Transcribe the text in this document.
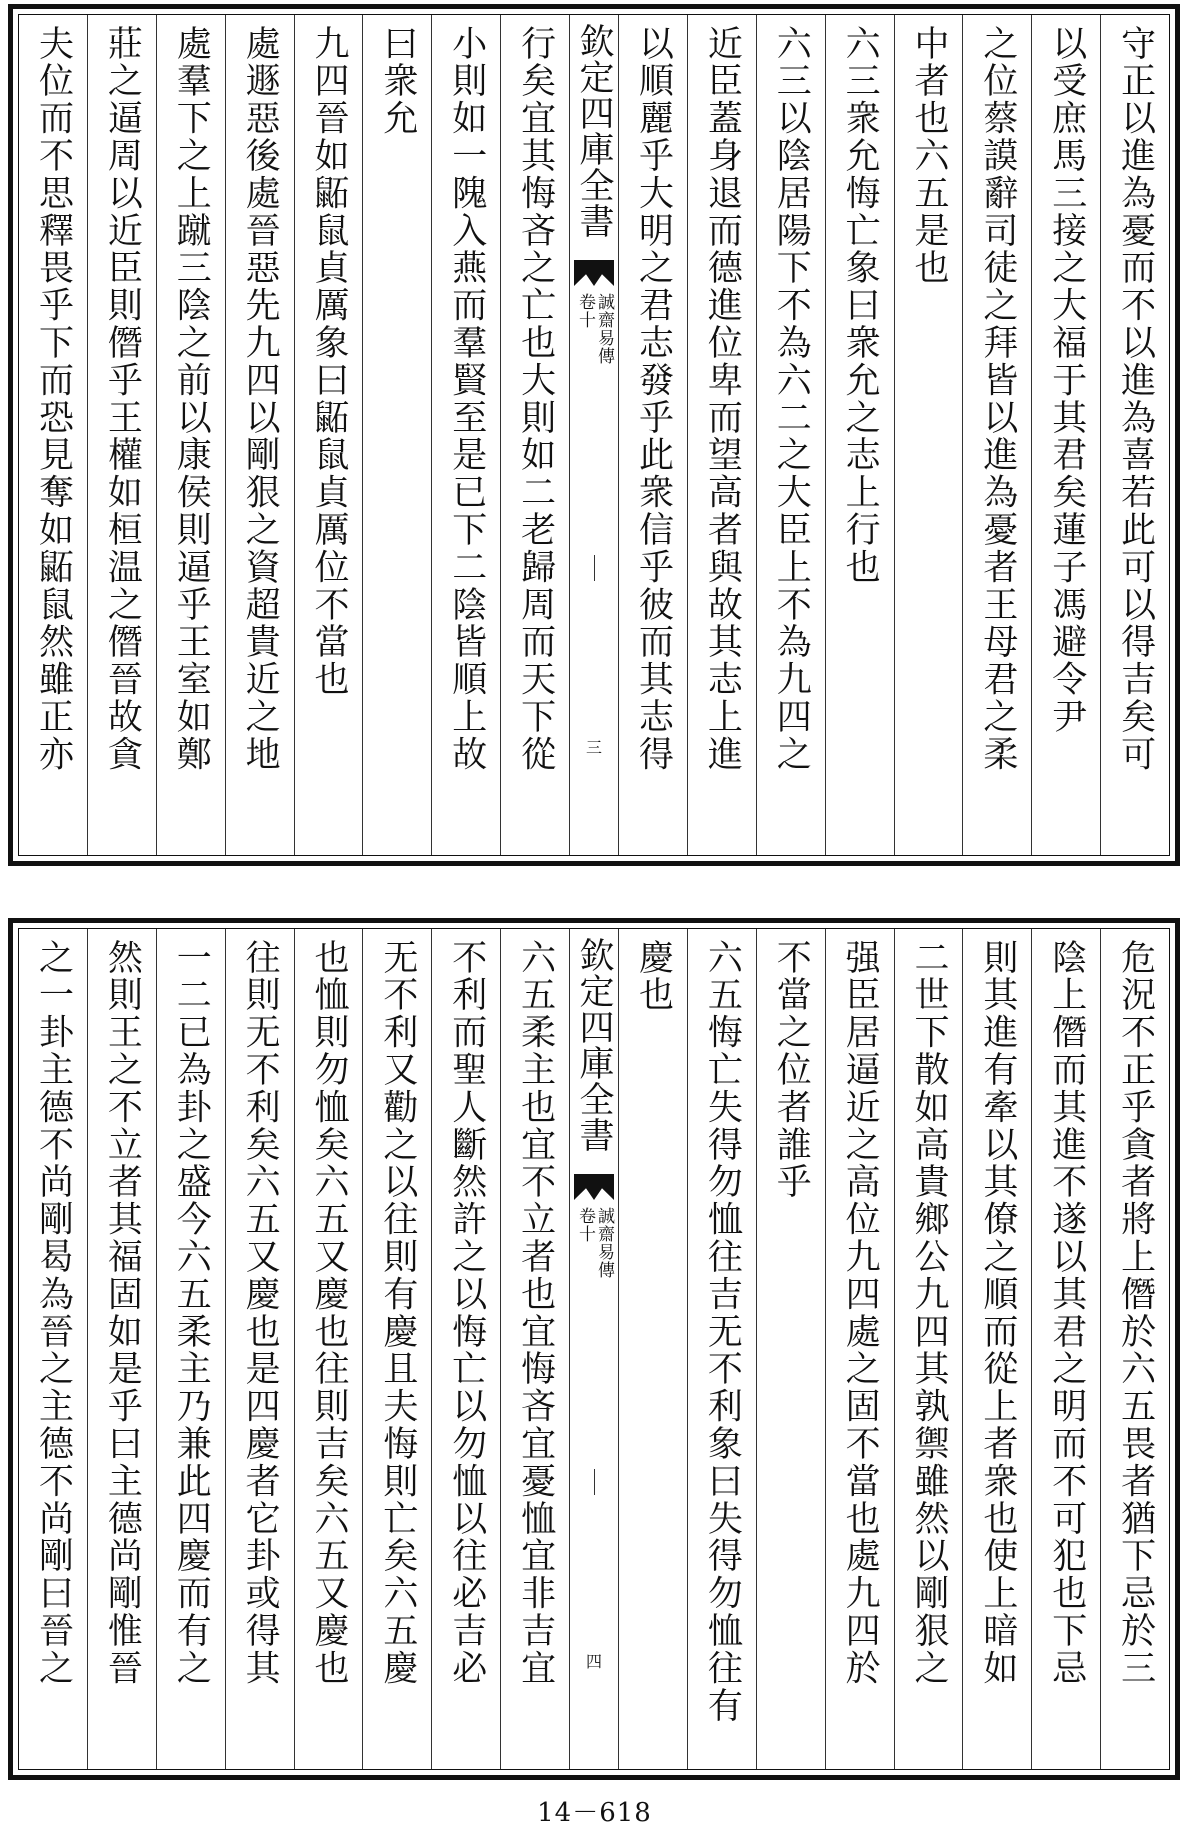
守正以進為憂而不以進為喜若此可以得吉矣可
以受庶馬三接之大福于其君矣蓮子馮避令尹
之位蔡謨辭司徒之拜皆以進為憂者王母君之柔
中者也六五是也
六三衆允悔亡象曰衆允之志上行也
六三以陰居陽下不為六二之大臣上不為九四之
近臣蓋身退而德進位卑而望高者與故其志上進
以順麗乎大明之君志發乎此衆信乎彼而其志得
欽定四庫全書
誠齋易傳
卷十
三
行矣宜其悔吝之亡也大則如二老歸周而天下從
小則如一隗入燕而羣賢至是已下二陰皆順上故
曰衆允
九四晉如鼫鼠貞厲象曰鼫鼠貞厲位不當也
處遯惡後處晉惡先九四以剛狠之資超貴近之地
處羣下之上蹴三陰之前以康侯則逼乎王室如鄭
莊之逼周以近臣則僭乎王權如桓温之僭晉故貪
夫位而不思釋畏乎下而恐見奪如鼫鼠然雖正亦
危況不正乎貪者將上僭於六五畏者猶下忌於三
陰上僭而其進不遂以其君之明而不可犯也下忌
則其進有牽以其僚之順而從上者衆也使上暗如
二世下散如高貴鄉公九四其孰禦雖然以剛狠之
强臣居逼近之高位九四處之固不當也處九四於
不當之位者誰乎
六五悔亡失得勿恤往吉无不利象曰失得勿恤往有
慶也
欽定四庫全書
誠齋易傳
卷十
四
六五柔主也宜不立者也宜悔吝宜憂恤宜非吉宜
不利而聖人斷然許之以悔亡以勿恤以往必吉必
无不利又勸之以往則有慶且夫悔則亡矣六五慶
也恤則勿恤矣六五又慶也往則吉矣六五又慶也
往則无不利矣六五又慶也是四慶者它卦或得其
一二已為卦之盛今六五柔主乃兼此四慶而有之
然則王之不立者其福固如是乎曰主德尚剛惟晉
之一卦主德不尚剛曷為晉之主德不尚剛曰晉之
14－618
